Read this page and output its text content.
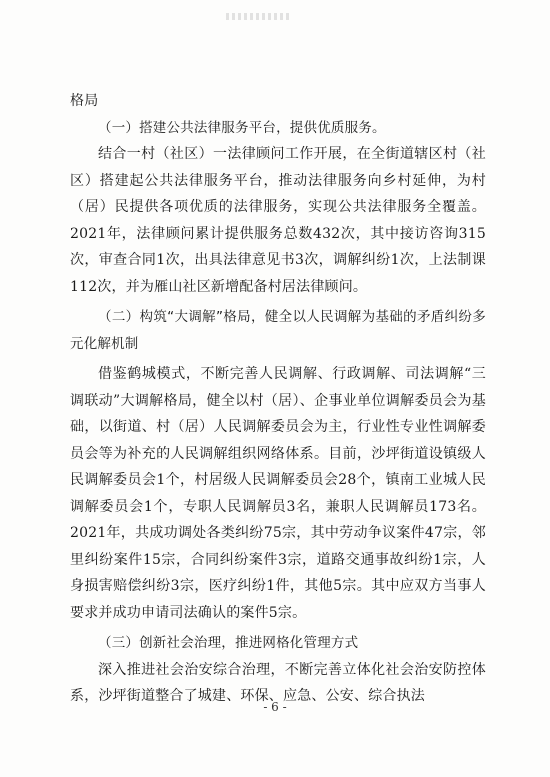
格局

（一）搭建公共法律服务平台，提供优质服务。

结合一村（社区）一法律顾问工作开展，在全街道辖区村（社区）搭建起公共法律服务平台，推动法律服务向乡村延伸，为村（居）民提供各项优质的法律服务，实现公共法律服务全覆盖。2021年，法律顾问累计提供服务总数432次，其中接访咨询315次，审查合同1次，出具法律意见书3次，调解纠纷1次，上法制课112次，并为雁山社区新增配备村居法律顾问。

（二）构筑“大调解”格局，健全以人民调解为基础的矛盾纠纷多元化解机制

借鉴鹤城模式，不断完善人民调解、行政调解、司法调解“三调联动”大调解格局，健全以村（居）、企事业单位调解委员会为基础，以街道、村（居）人民调解委员会为主，行业性专业性调解委员会等为补充的人民调解组织网络体系。目前，沙坪街道设镇级人民调解委员会1个，村居级人民调解委员会28个，镇南工业城人民调解委员会1个，专职人民调解员3名，兼职人民调解员173名。2021年，共成功调处各类纠纷75宗，其中劳动争议案件47宗，邻里纠纷案件15宗，合同纠纷案件3宗，道路交通事故纠纷1宗，人身损害赔偿纠纷3宗，医疗纠纷1件，其他5宗。其中应双方当事人要求并成功申请司法确认的案件5宗。

（三）创新社会治理，推进网格化管理方式

深入推进社会治安综合治理，不断完善立体化社会治安防控体系，沙坪街道整合了城建、环保、应急、公安、综合执法

- 6 -
